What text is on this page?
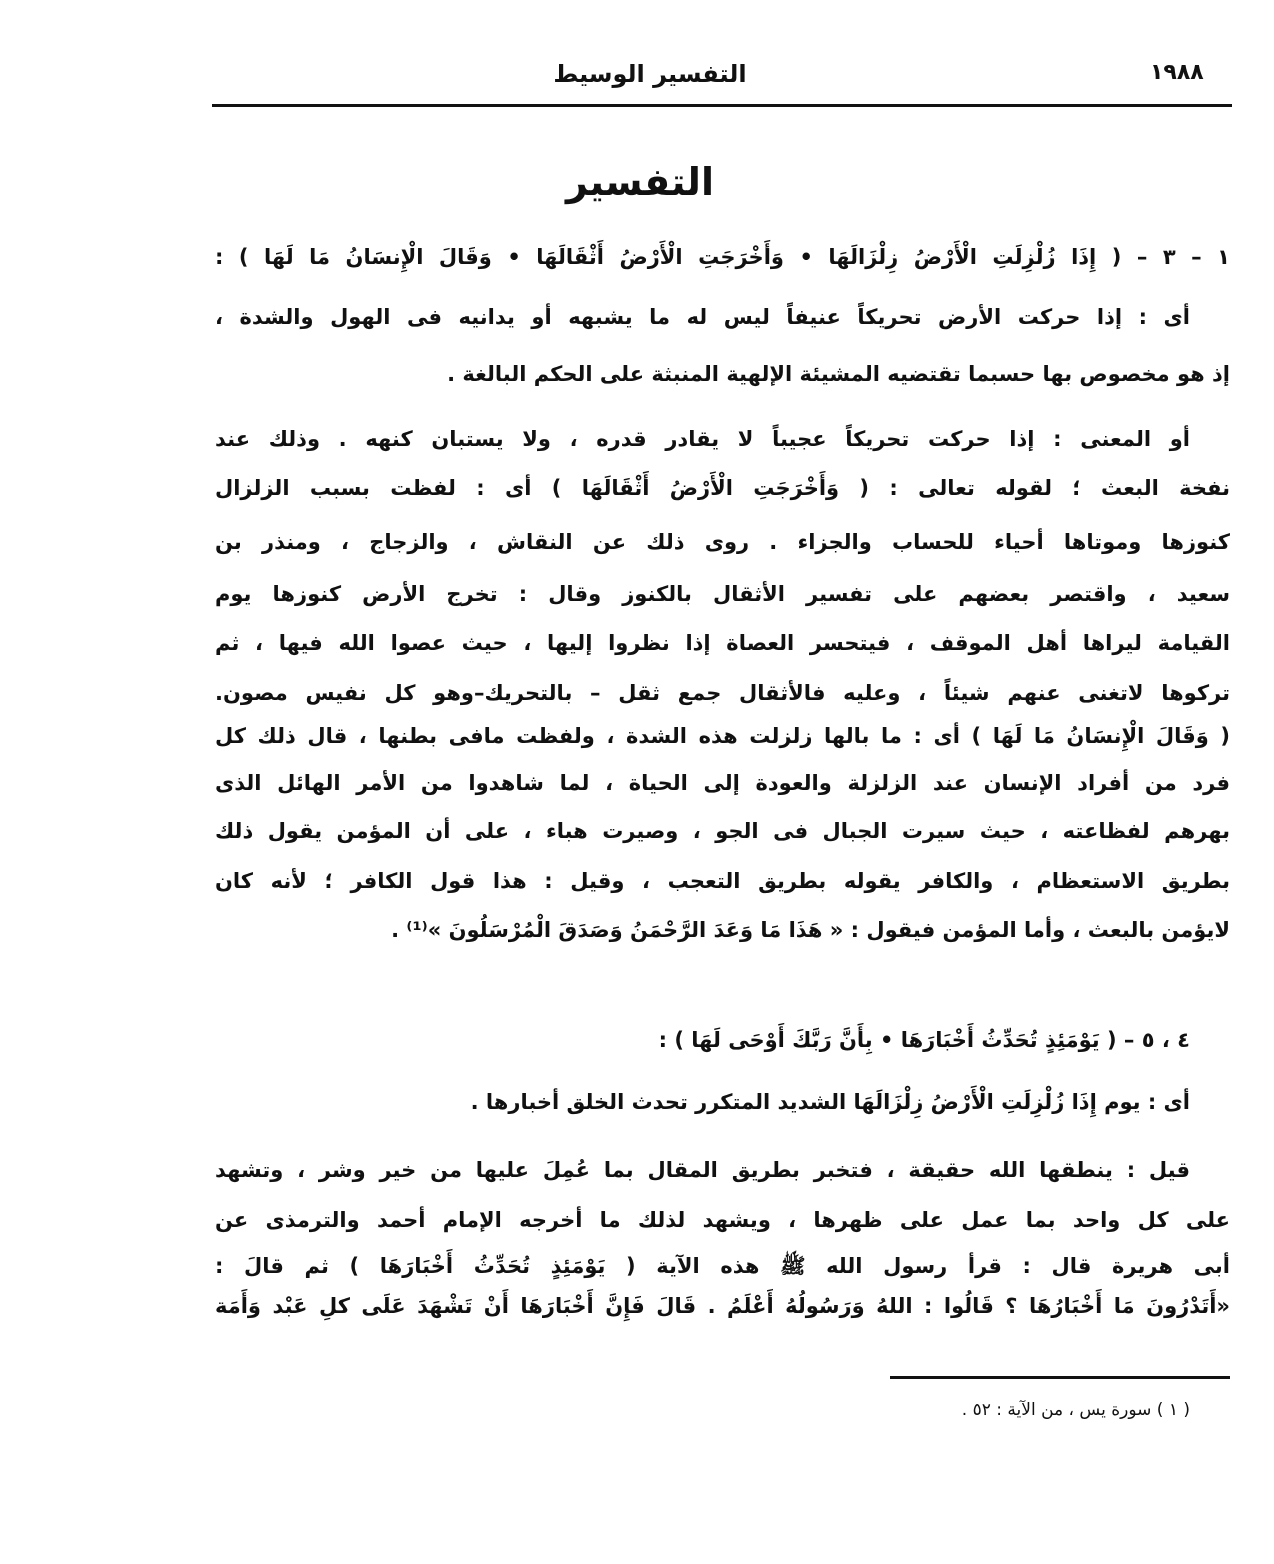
١٩٨٨
التفسير الوسيط
التفسير
١ – ٣ – ( إِذَا زُلْزِلَتِ الْأَرْضُ زِلْزَالَهَا • وَأَخْرَجَتِ الْأَرْضُ أَثْقَالَهَا • وَقَالَ الْإِنسَانُ مَا لَهَا ) :
أى : إذا حركت الأرض تحريكاً عنيفاً ليس له ما يشبهه أو يدانيه فى الهول والشدة ،
إذ هو مخصوص بها حسبما تقتضيه المشيئة الإلهية المنبثة على الحكم البالغة .
أو المعنى : إذا حركت تحريكاً عجيباً لا يقادر قدره ، ولا يستبان كنهه . وذلك عند
نفخة البعث ؛ لقوله تعالى : ( وَأَخْرَجَتِ الْأَرْضُ أَثْقَالَهَا ) أى : لفظت بسبب الزلزال
كنوزها وموتاها أحياء للحساب والجزاء . روى ذلك عن النقاش ، والزجاج ، ومنذر بن
سعيد ، واقتصر بعضهم على تفسير الأثقال بالكنوز وقال : تخرج الأرض كنوزها يوم
القيامة ليراها أهل الموقف ، فيتحسر العصاة إذا نظروا إليها ، حيث عصوا الله فيها ، ثم
تركوها لاتغنى عنهم شيئاً ، وعليه فالأثقال جمع ثقل – بالتحريك–وهو كل نفيس مصون.
( وَقَالَ الْإِنسَانُ مَا لَهَا ) أى : ما بالها زلزلت هذه الشدة ، ولفظت مافى بطنها ، قال ذلك كل
فرد من أفراد الإنسان عند الزلزلة والعودة إلى الحياة ، لما شاهدوا من الأمر الهائل الذى
بهرهم لفظاعته ، حيث سيرت الجبال فى الجو ، وصيرت هباء ، على أن المؤمن يقول ذلك
بطريق الاستعظام ، والكافر يقوله بطريق التعجب ، وقيل : هذا قول الكافر ؛ لأنه كان
لايؤمن بالبعث ، وأما المؤمن فيقول : « هَذَا مَا وَعَدَ الرَّحْمَنُ وَصَدَقَ الْمُرْسَلُونَ »⁽¹⁾ .
٤ ، ٥ – ( يَوْمَئِذٍ تُحَدِّثُ أَخْبَارَهَا • بِأَنَّ رَبَّكَ أَوْحَى لَهَا ) :
أى : يوم إِذَا زُلْزِلَتِ الْأَرْضُ زِلْزَالَهَا الشديد المتكرر تحدث الخلق أخبارها .
قيل : ينطقها الله حقيقة ، فتخبر بطريق المقال بما عُمِلَ عليها من خير وشر ، وتشهد
على كل واحد بما عمل على ظهرها ، ويشهد لذلك ما أخرجه الإمام أحمد والترمذى عن
أبى هريرة قال : قرأ رسول الله ﷺ هذه الآية ( يَوْمَئِذٍ تُحَدِّثُ أَخْبَارَهَا ) ثم قالَ :
«أَتَدْرُونَ مَا أَخْبَارُهَا ؟ قَالُوا : اللهُ وَرَسُولُهُ أَعْلَمُ . قَالَ فَإِنَّ أَخْبَارَهَا أَنْ تَشْهَدَ عَلَى كلِ عَبْد وَأَمَة
( ١ ) سورة يس ، من الآية : ٥٢ .
